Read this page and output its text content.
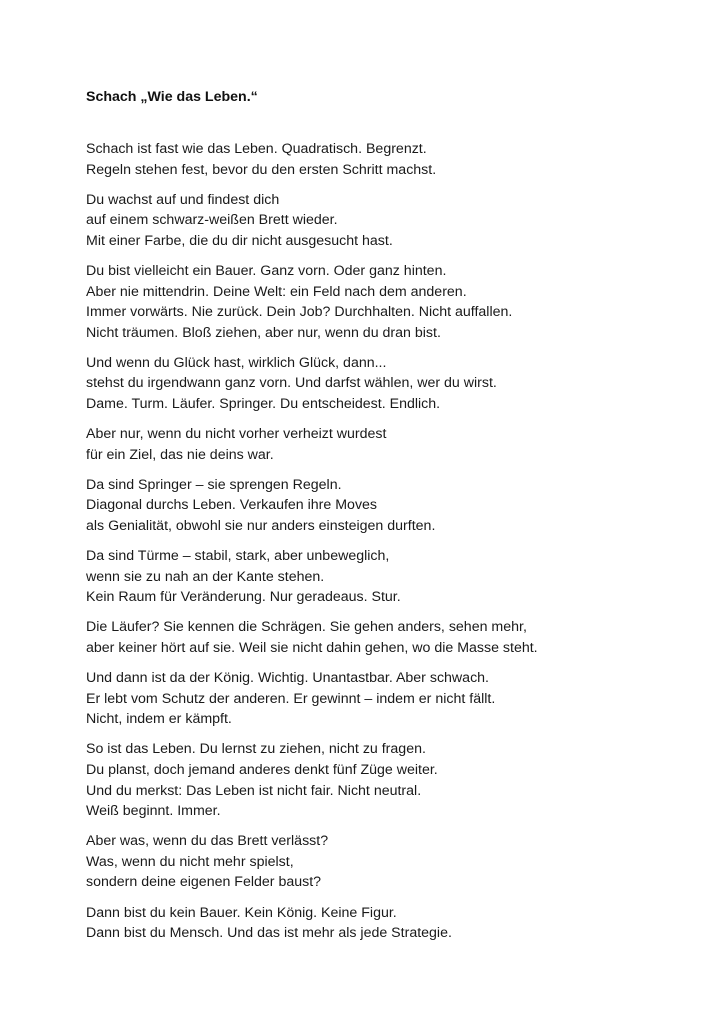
Schach „Wie das Leben.“

Schach ist fast wie das Leben. Quadratisch. Begrenzt.
Regeln stehen fest, bevor du den ersten Schritt machst.

Du wachst auf und findest dich
auf einem schwarz-weißen Brett wieder.
Mit einer Farbe, die du dir nicht ausgesucht hast.

Du bist vielleicht ein Bauer. Ganz vorn. Oder ganz hinten.
Aber nie mittendrin. Deine Welt: ein Feld nach dem anderen.
Immer vorwärts. Nie zurück. Dein Job? Durchhalten. Nicht auffallen.
Nicht träumen. Bloß ziehen, aber nur, wenn du dran bist.

Und wenn du Glück hast, wirklich Glück, dann...
stehst du irgendwann ganz vorn. Und darfst wählen, wer du wirst.
Dame. Turm. Läufer. Springer. Du entscheidest. Endlich.

Aber nur, wenn du nicht vorher verheizt wurdest
für ein Ziel, das nie deins war.

Da sind Springer – sie sprengen Regeln.
Diagonal durchs Leben. Verkaufen ihre Moves
als Genialität, obwohl sie nur anders einsteigen durften.

Da sind Türme – stabil, stark, aber unbeweglich,
wenn sie zu nah an der Kante stehen.
Kein Raum für Veränderung. Nur geradeaus. Stur.

Die Läufer? Sie kennen die Schrägen. Sie gehen anders, sehen mehr,
aber keiner hört auf sie. Weil sie nicht dahin gehen, wo die Masse steht.

Und dann ist da der König. Wichtig. Unantastbar. Aber schwach.
Er lebt vom Schutz der anderen. Er gewinnt – indem er nicht fällt.
Nicht, indem er kämpft.

So ist das Leben. Du lernst zu ziehen, nicht zu fragen.
Du planst, doch jemand anderes denkt fünf Züge weiter.
Und du merkst: Das Leben ist nicht fair. Nicht neutral.
Weiß beginnt. Immer.

Aber was, wenn du das Brett verlässt?
Was, wenn du nicht mehr spielst,
sondern deine eigenen Felder baust?

Dann bist du kein Bauer. Kein König. Keine Figur.
Dann bist du Mensch. Und das ist mehr als jede Strategie.
